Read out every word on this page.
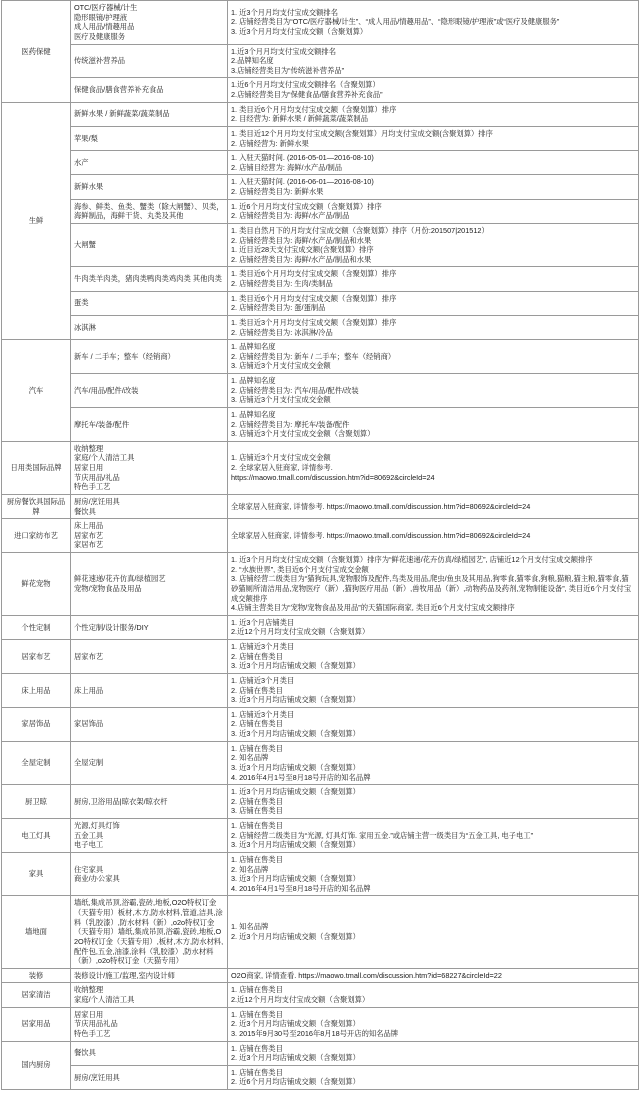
医药保健	OTC/医疗器械/计生
隐形眼镜/护理液
成人用品/情趣用品
医疗及健康服务	1. 近3个月月均支付宝成交额排名
2. 店铺经营类目为“OTC/医疗器械/计生”、“成人用品/情趣用品”、“隐形眼镜/护理液”或“医疗及健康服务”
3. 近3个月月均支付宝成交额（含聚划算）

	传统滋补营养品	1.近3个月月均支付宝成交额排名
2.品牌知名度
3.店铺经营类目为“传统滋补营养品”

	保健食品/膳食营养补充食品	1.近6个月月均支付宝成交额排名（含聚划算）
2.店铺经营类目为“保健食品/膳食营养补充食品”

生鲜	新鲜水果 / 新鲜蔬菜/蔬菜制品	1. 类目近6个月月均支付宝成交额（含聚划算）排序
2. 目经营为: 新鲜水果 / 新鲜蔬菜/蔬菜制品

	苹果/梨	1. 类目近12个月月均支付宝成交额(含聚划算）月均支付宝成交额(含聚划算）排序
2. 店铺经营为: 新鲜水果

	水产	1. 入驻天猫时间. (2016-05-01—2016-08-10)
2. 店铺目经营为: 海鲜/水产品/制品

	新鲜水果	1. 入驻天猫时间. (2016-06-01—2016-08-10)
2. 店铺经营类目为: 新鲜水果

	海参、鲜类、鱼类、蟹类（除大闸蟹）、贝类，海鲜制品，海鲜干货、丸类及其他	1. 近6个月月均支付宝成交额（含聚划算）排序
2. 店铺经营类目为: 海鲜/水产品/制品

	大闸蟹	1. 类目自然月下的月均支付宝成交额（含聚划算）排序（月份:201507|201512）
2. 店铺经营类目为: 海鲜/水产品/制品和水果
1. 近目近28天支付宝成交额(含聚划算）排序
2. 店铺经营类目为: 海鲜/水产品/制品和水果

	牛肉类羊肉类，猪肉类鸭肉类鸡肉类 其他肉类	1. 类目近6个月月均支付宝成交额（含聚划算）排序
2. 店铺经营类目为: 生肉/类制品

	蛋类	1. 类目近6个月月均支付宝成交额（含聚划算）排序
2. 店铺经营类目为: 蛋/蛋制品

	冰淇淋	1. 类目近3个月月均支付宝成交额（含聚划算）排序
2. 店铺经营类目为: 冰淇淋/冷品

汽车	新车 / 二手车；整车（经销商）	1. 品牌知名度
2. 店铺经营类目为: 新车 / 二手车；整车（经销商）
3. 店铺近3个月支付宝成交金额

	汽车/用品/配件/改装	1. 品牌知名度
2. 店铺经营类目为: 汽车/用品/配件/改装
3. 店铺近3个月支付宝成交金额

	摩托车/装备/配件	1. 品牌知名度
2. 店铺经营类目为: 摩托车/装备/配件
3. 店铺近3个月支付宝成交金额（含聚划算）

日用类国际品牌	收纳整理
家庭/个人清洁工具
居家日用
节庆用品/礼品
特色手工艺	1. 店铺近3个月支付宝成交金额
2. 全球家居入驻商家, 详情参考.
https://maowo.tmall.com/discussion.htm?id=80692&circleId=24

厨房餐饮具国际品牌	厨房/烹饪用具
餐饮具	全球家居入驻商家, 详情参考. https://maowo.tmall.com/discussion.htm?id=80692&circleId=24

进口家纺布艺	床上用品
居家布艺
家居布艺	全球家居入驻商家, 详情参考. https://maowo.tmall.com/discussion.htm?id=80692&circleId=24

鲜花宠物	鲜花速递/花卉仿真/绿植园艺
宠物/宠物食品及用品	1. 近3个月月均支付宝成交额（含聚划算）排序为“鲜花速递/花卉仿真/绿植园艺”, 店铺近12个月支付宝成交额排序
2. “水族世界”, 类目近6个月支付宝成交金额
3. 店铺经营二级类目为“猫狗玩具,宠物服饰及配件,鸟类及用品,爬虫/鱼虫及其用品,狗零食,猫零食,狗粮,猫粮,猫主粮,猫零食,猫砂猫厕所清洁用品,宠物医疗（新）,猫狗医疗用品（新）,兽牧用品（新）,动物药品及药剂,宠物制能设备”, 类目近6个月支付宝成交额排序
4.店铺主营类目为“宠物/宠物食品及用品”的天猫国际商家, 类目近6个月支付宝成交额排序

个性定制	个性定制/设计服务/DIY	1. 近3个月店铺类目
2.近12个月月均支付宝成交额（含聚划算）

居家布艺	居家布艺	1. 店铺近3个月类目
2. 店铺在售类目
3. 近3个月月均店铺成交额（含聚划算）

床上用品	床上用品	1. 店铺近3个月类目
2. 店铺在售类目
3. 近3个月月均店铺成交额（含聚划算）

家居饰品	家居饰品	1. 店铺近3个月类目
2. 店铺在售类目
3. 近3个月月均店铺成交额（含聚划算）

全屋定制	全屋定制	1. 店铺在售类目
2. 知名品牌
3. 近3个月月均店铺成交额（含聚划算）
4. 2016年4月1号至8月18号开店的知名品牌

厨卫晾	厨房,卫浴用品|晾衣架/晾衣杆	1. 近3个月月均店铺成交额（含聚划算）
2. 店铺在售类目
3. 店铺在售类目

电工灯具	光源,灯具灯饰
五金工具
电子电工	1. 店铺在售类目
2. 店铺经营二级类目为“光源, 灯具灯饰. 家用五金.”或店铺主营一级类目为“五金工具, 电子电工”
3. 近3个月月均店铺成交额（含聚划算）

家具	住宅家具
商业/办公家具	1. 店铺在售类目
2. 知名品牌
3. 近3个月月均店铺成交额（含聚划算）
4. 2016年4月1号至8月18号开店的知名品牌

墙地面	墙纸,集成吊顶,浴霸,瓷砖,地板,O2O特权订金（天猫专用）板材,木方,防水材料,管道,洁具,涂料（乳胶漆）,防水材料（新）,o2o特权订金（天猫专用）墙纸,集成吊顶,浴霸,瓷砖,地板,O2O特权订金（天猫专用）,板材,木方,防水材料,配件包,五金,油漆,涂料（乳胶漆）,防水材料（新）,o2o特权订金（天猫专用）	1. 知名品牌
2. 近3个月月均店铺成交额（含聚划算）

装修	装修设计/施工/监理,室内设计师	O2O商家, 详情查看. https://maowo.tmall.com/discussion.htm?id=68227&circleId=22

居家清洁	收纳整理
家庭/个人清洁工具	1. 店铺在售类目
2.近12个月月均支付宝成交额（含聚划算）

居家用品	居家日用
节庆用品礼品
特色手工艺	1. 店铺在售类目
2. 近3个月月均店铺成交额（含聚划算）
3. 2015年9月30号至2016年8月18号开店的知名品牌

国内厨房	餐饮具	1. 店铺在售类目
2. 近3个月月均店铺成交额（含聚划算）

	厨房/烹饪用具	1. 店铺在售类目
2. 近6个月月均店铺成交额（含聚划算）
